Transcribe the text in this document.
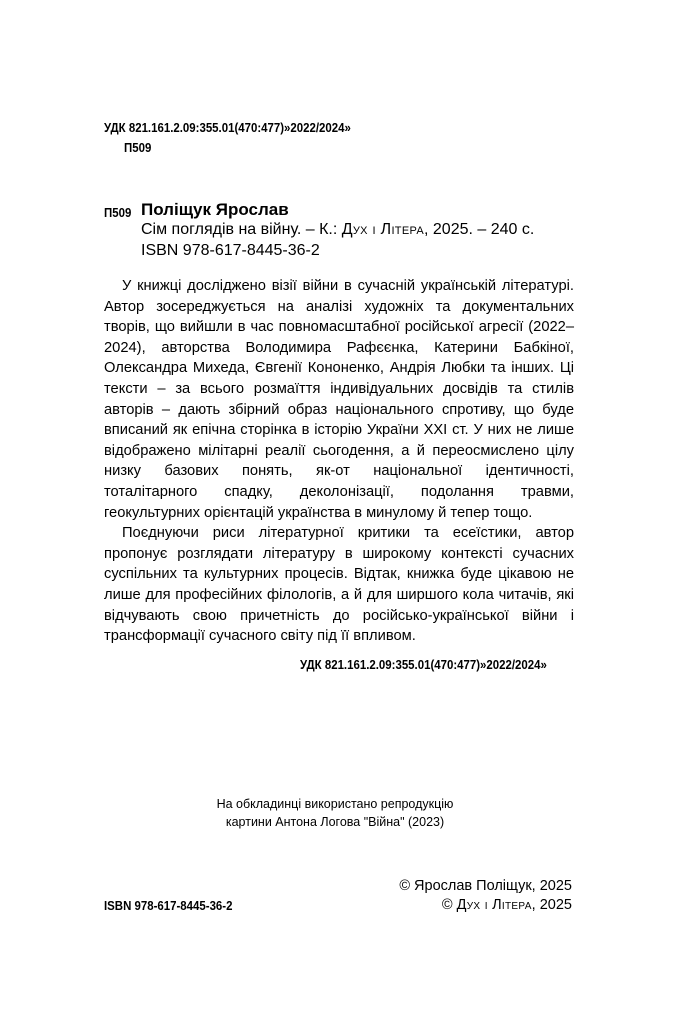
УДК 821.161.2.09:355.01(470:477)»2022/2024»
П509
П509 Поліщук Ярослав
Сім поглядів на війну. – К.: Дух і Літера, 2025. – 240 с.
ISBN 978-617-8445-36-2

У книжці досліджено візії війни в сучасній українській літературі. Автор зосереджується на аналізі художніх та документальних творів, що вийшли в час повномасштабної російської агресії (2022–2024), авторства Володимира Рафєєнка, Катерини Бабкіної, Олександра Михеда, Євгенії Кононенко, Андрія Любки та інших. Ці тексти – за всього розмаїття індивідуальних досвідів та стилів авторів – дають збірний образ національного спротиву, що буде вписаний як епічна сторінка в історію України XXI ст. У них не лише відображено мілітарні реалії сьогодення, а й переосмислено цілу низку базових понять, як-от національної ідентичності, тоталітарного спадку, деколонізації, подолання травми, геокультурних орієнтацій українства в минулому й тепер тощо.

Поєднуючи риси літературної критики та есеїстики, автор пропонує розглядати літературу в широкому контексті сучасних суспільних та культурних процесів. Відтак, книжка буде цікавою не лише для професійних філологів, а й для ширшого кола читачів, які відчувають свою причетність до російсько-української війни і трансформації сучасного світу під її впливом.

УДК 821.161.2.09:355.01(470:477)»2022/2024»
На обкладинці використано репродукцію
картини Антона Логова "Війна" (2023)
ISBN 978-617-8445-36-2
© Ярослав Поліщук, 2025
© Дух і Літера, 2025
